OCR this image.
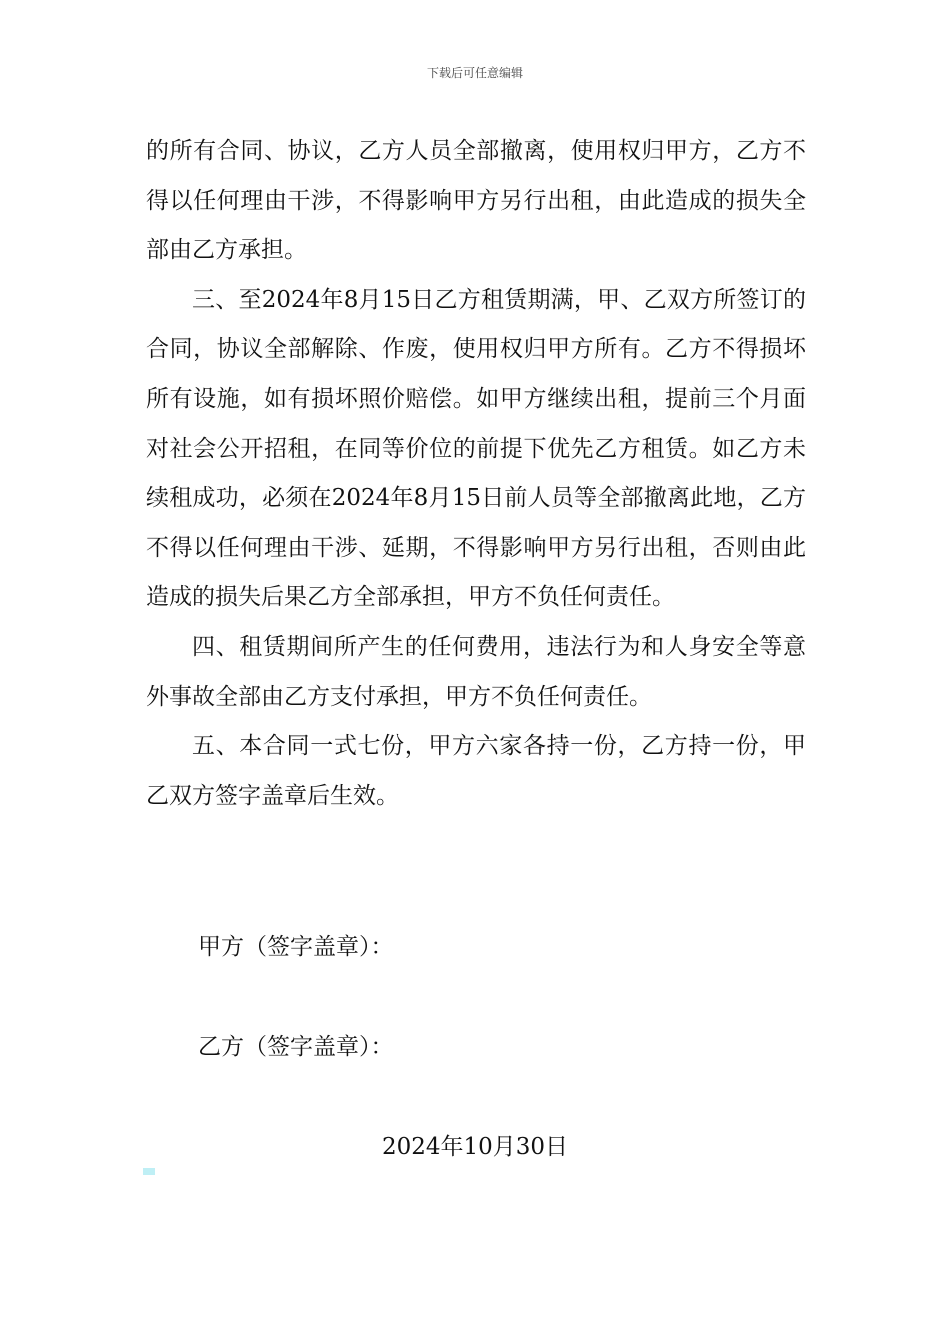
下载后可任意编辑

的所有合同、协议，乙方人员全部撤离，使用权归甲方，乙方不得以任何理由干涉，不得影响甲方另行出租，由此造成的损失全部由乙方承担。

三、至2024年8月15日乙方租赁期满，甲、乙双方所签订的合同，协议全部解除、作废，使用权归甲方所有。乙方不得损坏所有设施，如有损坏照价赔偿。如甲方继续出租，提前三个月面对社会公开招租，在同等价位的前提下优先乙方租赁。如乙方未续租成功，必须在2024年8月15日前人员等全部撤离此地，乙方不得以任何理由干涉、延期，不得影响甲方另行出租，否则由此造成的损失后果乙方全部承担，甲方不负任何责任。

四、租赁期间所产生的任何费用，违法行为和人身安全等意外事故全部由乙方支付承担，甲方不负任何责任。

五、本合同一式七份，甲方六家各持一份，乙方持一份，甲乙双方签字盖章后生效。

甲方（签字盖章）：
乙方（签字盖章）：
2024年10月30日
